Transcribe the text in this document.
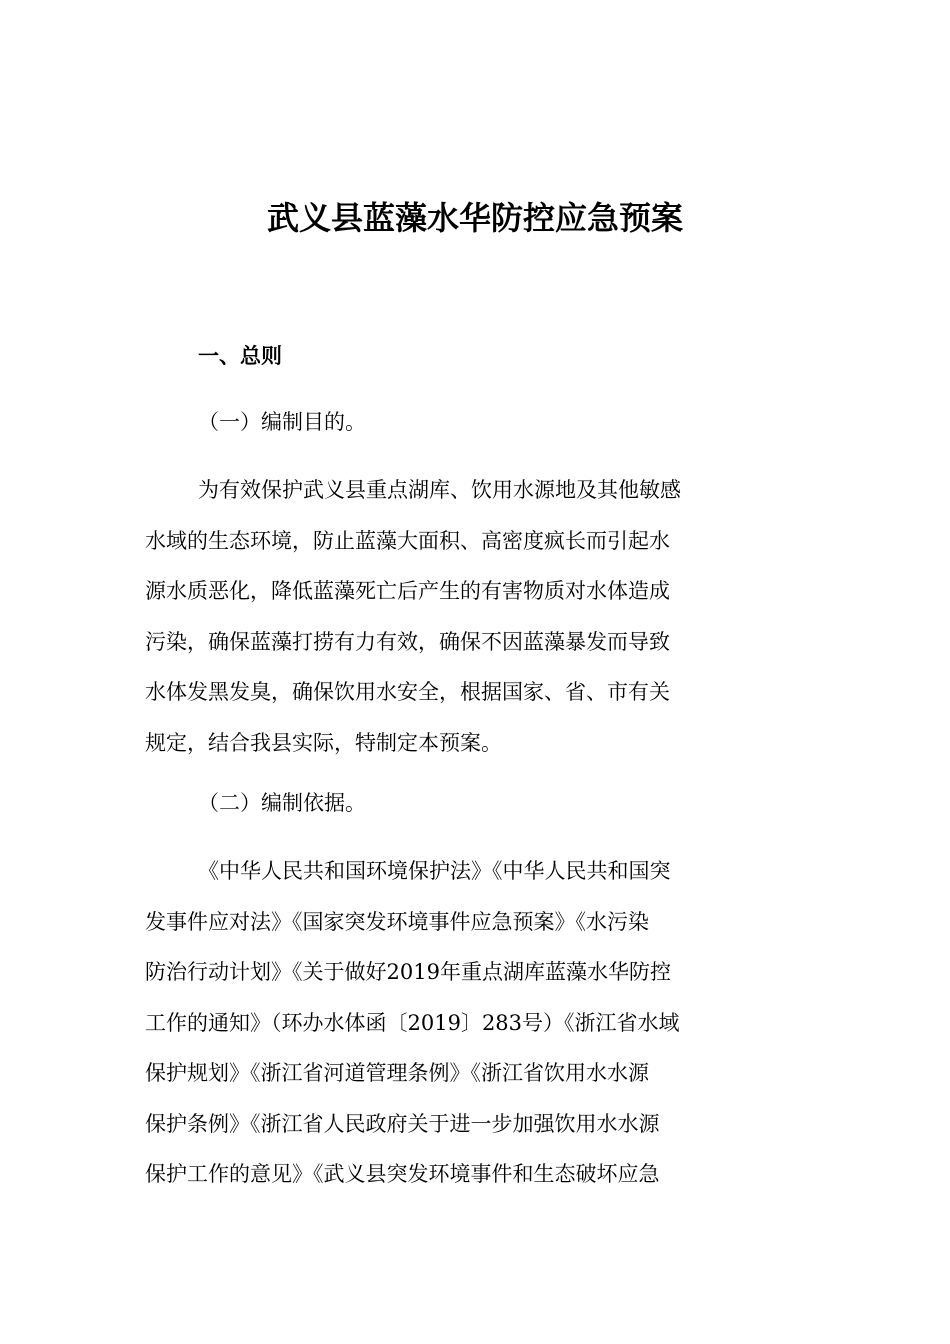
武义县蓝藻水华防控应急预案
一、总则
（一）编制目的。
为有效保护武义县重点湖库、饮用水源地及其他敏感
水域的生态环境，防止蓝藻大面积、高密度疯长而引起水
源水质恶化，降低蓝藻死亡后产生的有害物质对水体造成
污染，确保蓝藻打捞有力有效，确保不因蓝藻暴发而导致
水体发黑发臭，确保饮用水安全，根据国家、省、市有关
规定，结合我县实际，特制定本预案。
（二）编制依据。
《中华人民共和国环境保护法》《中华人民共和国突
发事件应对法》《国家突发环境事件应急预案》《水污染
防治行动计划》《关于做好2019年重点湖库蓝藻水华防控
工作的通知》（环办水体函〔2019〕283号）《浙江省水域
保护规划》《浙江省河道管理条例》《浙江省饮用水水源
保护条例》《浙江省人民政府关于进一步加强饮用水水源
保护工作的意见》《武义县突发环境事件和生态破坏应急
